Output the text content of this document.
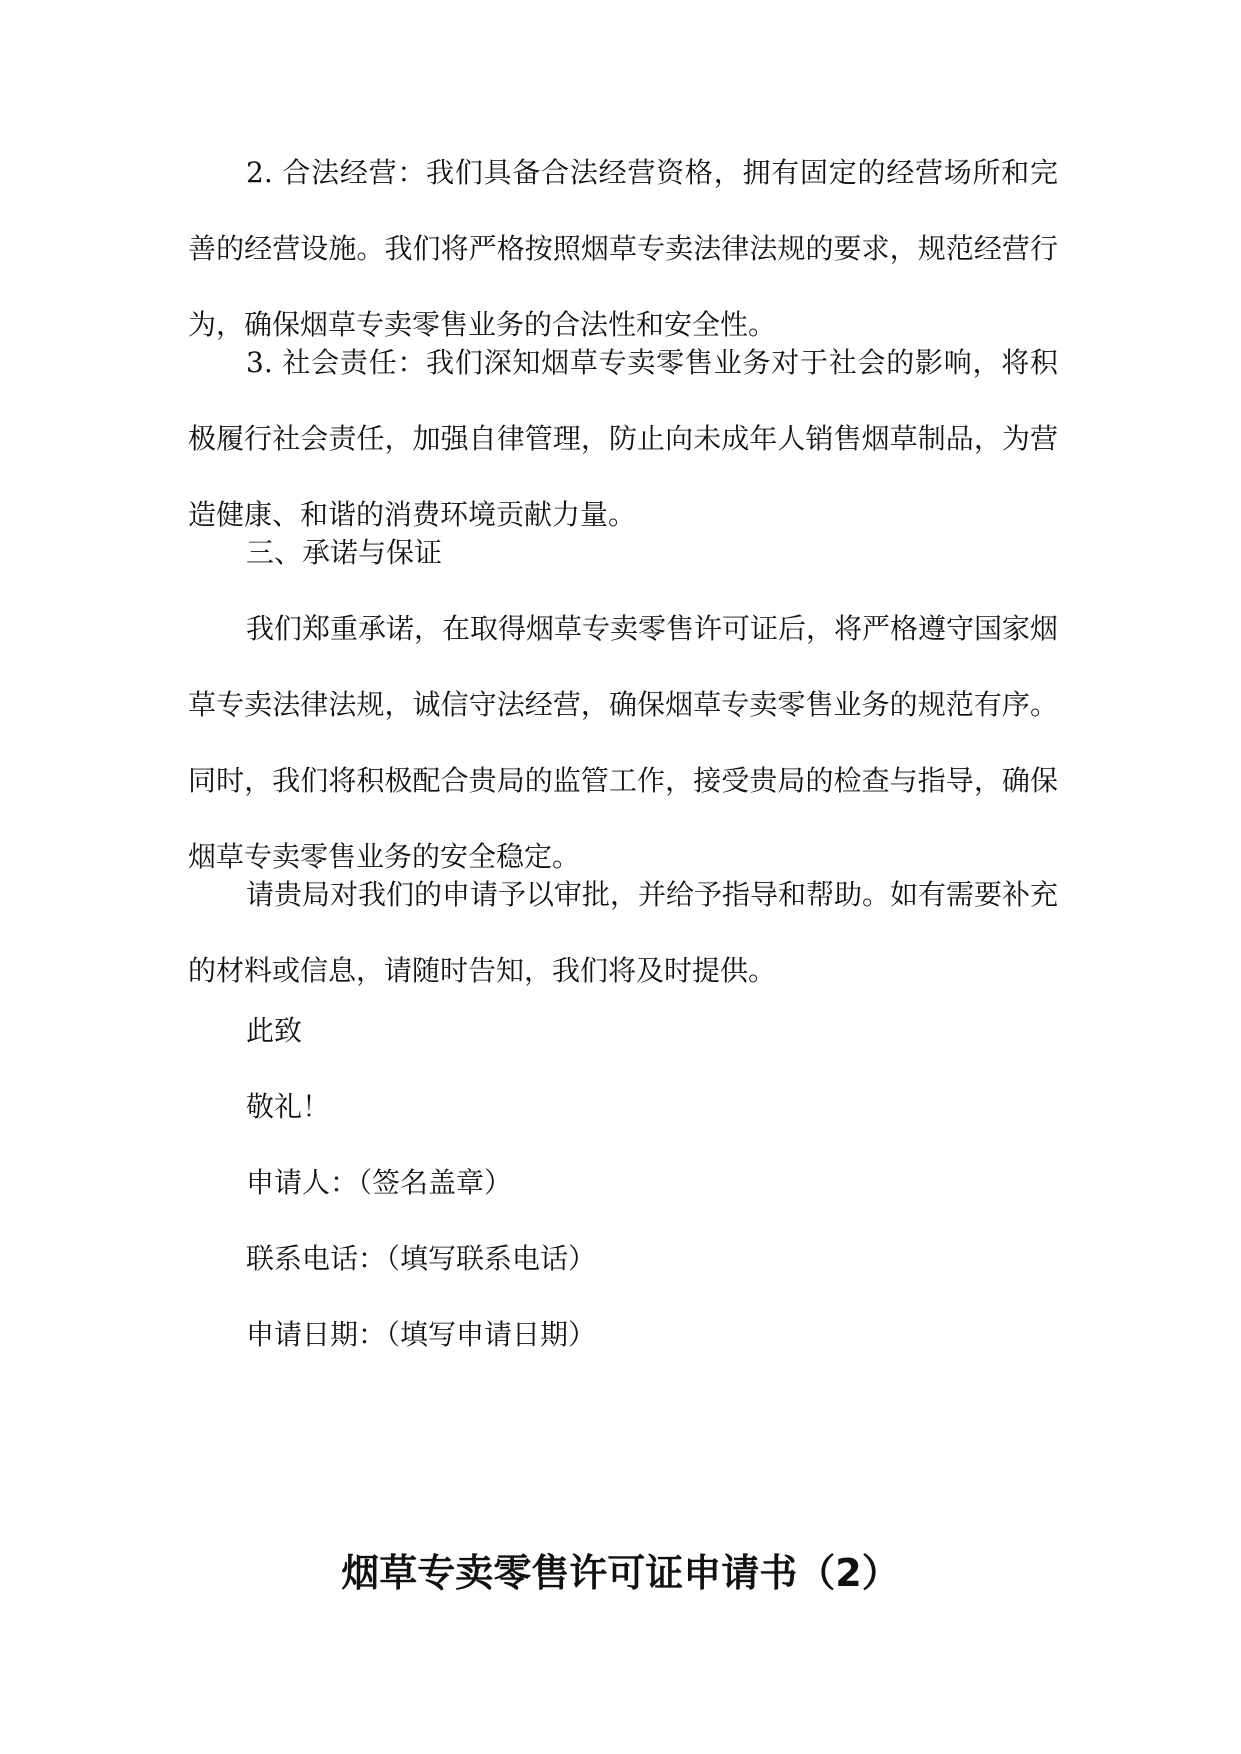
2. 合法经营：我们具备合法经营资格，拥有固定的经营场所和完善的经营设施。我们将严格按照烟草专卖法律法规的要求，规范经营行为，确保烟草专卖零售业务的合法性和安全性。
3. 社会责任：我们深知烟草专卖零售业务对于社会的影响，将积极履行社会责任，加强自律管理，防止向未成年人销售烟草制品，为营造健康、和谐的消费环境贡献力量。
三、承诺与保证
我们郑重承诺，在取得烟草专卖零售许可证后，将严格遵守国家烟草专卖法律法规，诚信守法经营，确保烟草专卖零售业务的规范有序。同时，我们将积极配合贵局的监管工作，接受贵局的检查与指导，确保烟草专卖零售业务的安全稳定。
请贵局对我们的申请予以审批，并给予指导和帮助。如有需要补充的材料或信息，请随时告知，我们将及时提供。
此致
敬礼！
申请人：（签名盖章）
联系电话：（填写联系电话）
申请日期：（填写申请日期）
烟草专卖零售许可证申请书（2）
